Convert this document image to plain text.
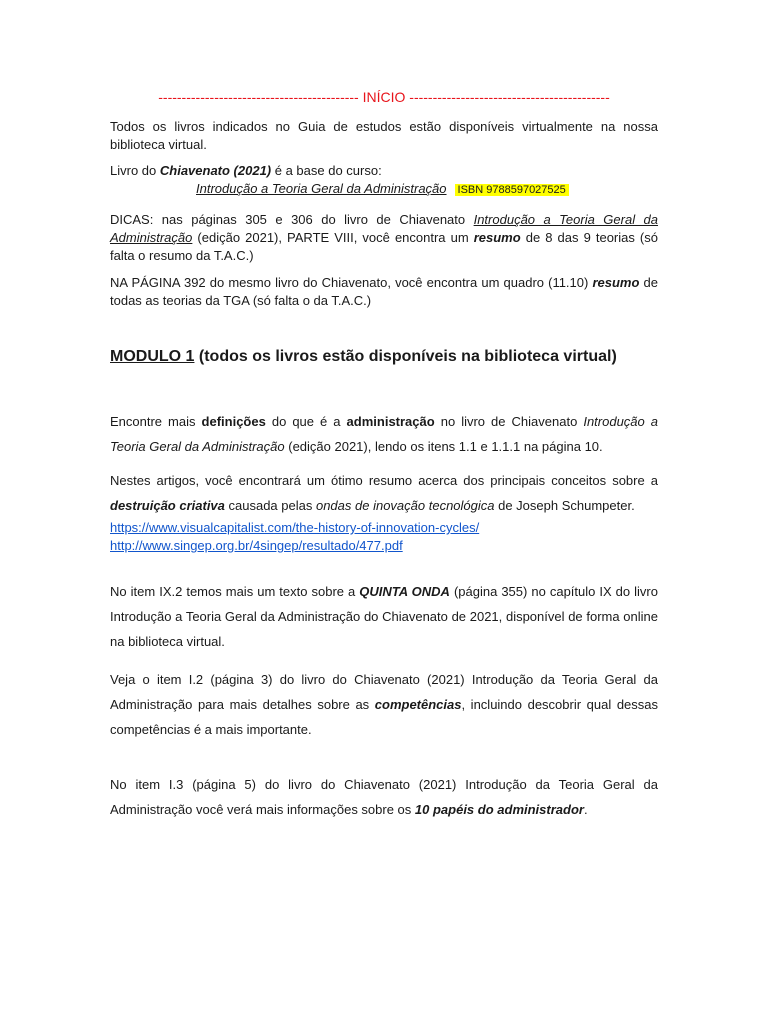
------------------------------------------- INÍCIO -------------------------------------------

Todos os livros indicados no Guia de estudos estão disponíveis virtualmente na nossa biblioteca virtual.

Livro do Chiavenato (2021) é a base do curso:
Introdução a Teoria Geral da Administração ISBN 9788597027525

DICAS: nas páginas 305 e 306 do livro de Chiavenato Introdução a Teoria Geral da Administração (edição 2021), PARTE VIII, você encontra um resumo de 8 das 9 teorias (só falta o resumo da T.A.C.)

NA PÁGINA 392 do mesmo livro do Chiavenato, você encontra um quadro (11.10) resumo de todas as teorias da TGA (só falta o da T.A.C.)

MODULO 1 (todos os livros estão disponíveis na biblioteca virtual)

Encontre mais definições do que é a administração no livro de Chiavenato Introdução a Teoria Geral da Administração (edição 2021), lendo os itens 1.1 e 1.1.1 na página 10.

Nestes artigos, você encontrará um ótimo resumo acerca dos principais conceitos sobre a destruição criativa causada pelas ondas de inovação tecnológica de Joseph Schumpeter.

https://www.visualcapitalist.com/the-history-of-innovation-cycles/
http://www.singep.org.br/4singep/resultado/477.pdf

No item IX.2 temos mais um texto sobre a QUINTA ONDA (página 355) no capítulo IX do livro Introdução a Teoria Geral da Administração do Chiavenato de 2021, disponível de forma online na biblioteca virtual.

Veja o item I.2 (página 3) do livro do Chiavenato (2021) Introdução da Teoria Geral da Administração para mais detalhes sobre as competências, incluindo descobrir qual dessas competências é a mais importante.

No item I.3 (página 5) do livro do Chiavenato (2021) Introdução da Teoria Geral da Administração você verá mais informações sobre os 10 papéis do administrador.
